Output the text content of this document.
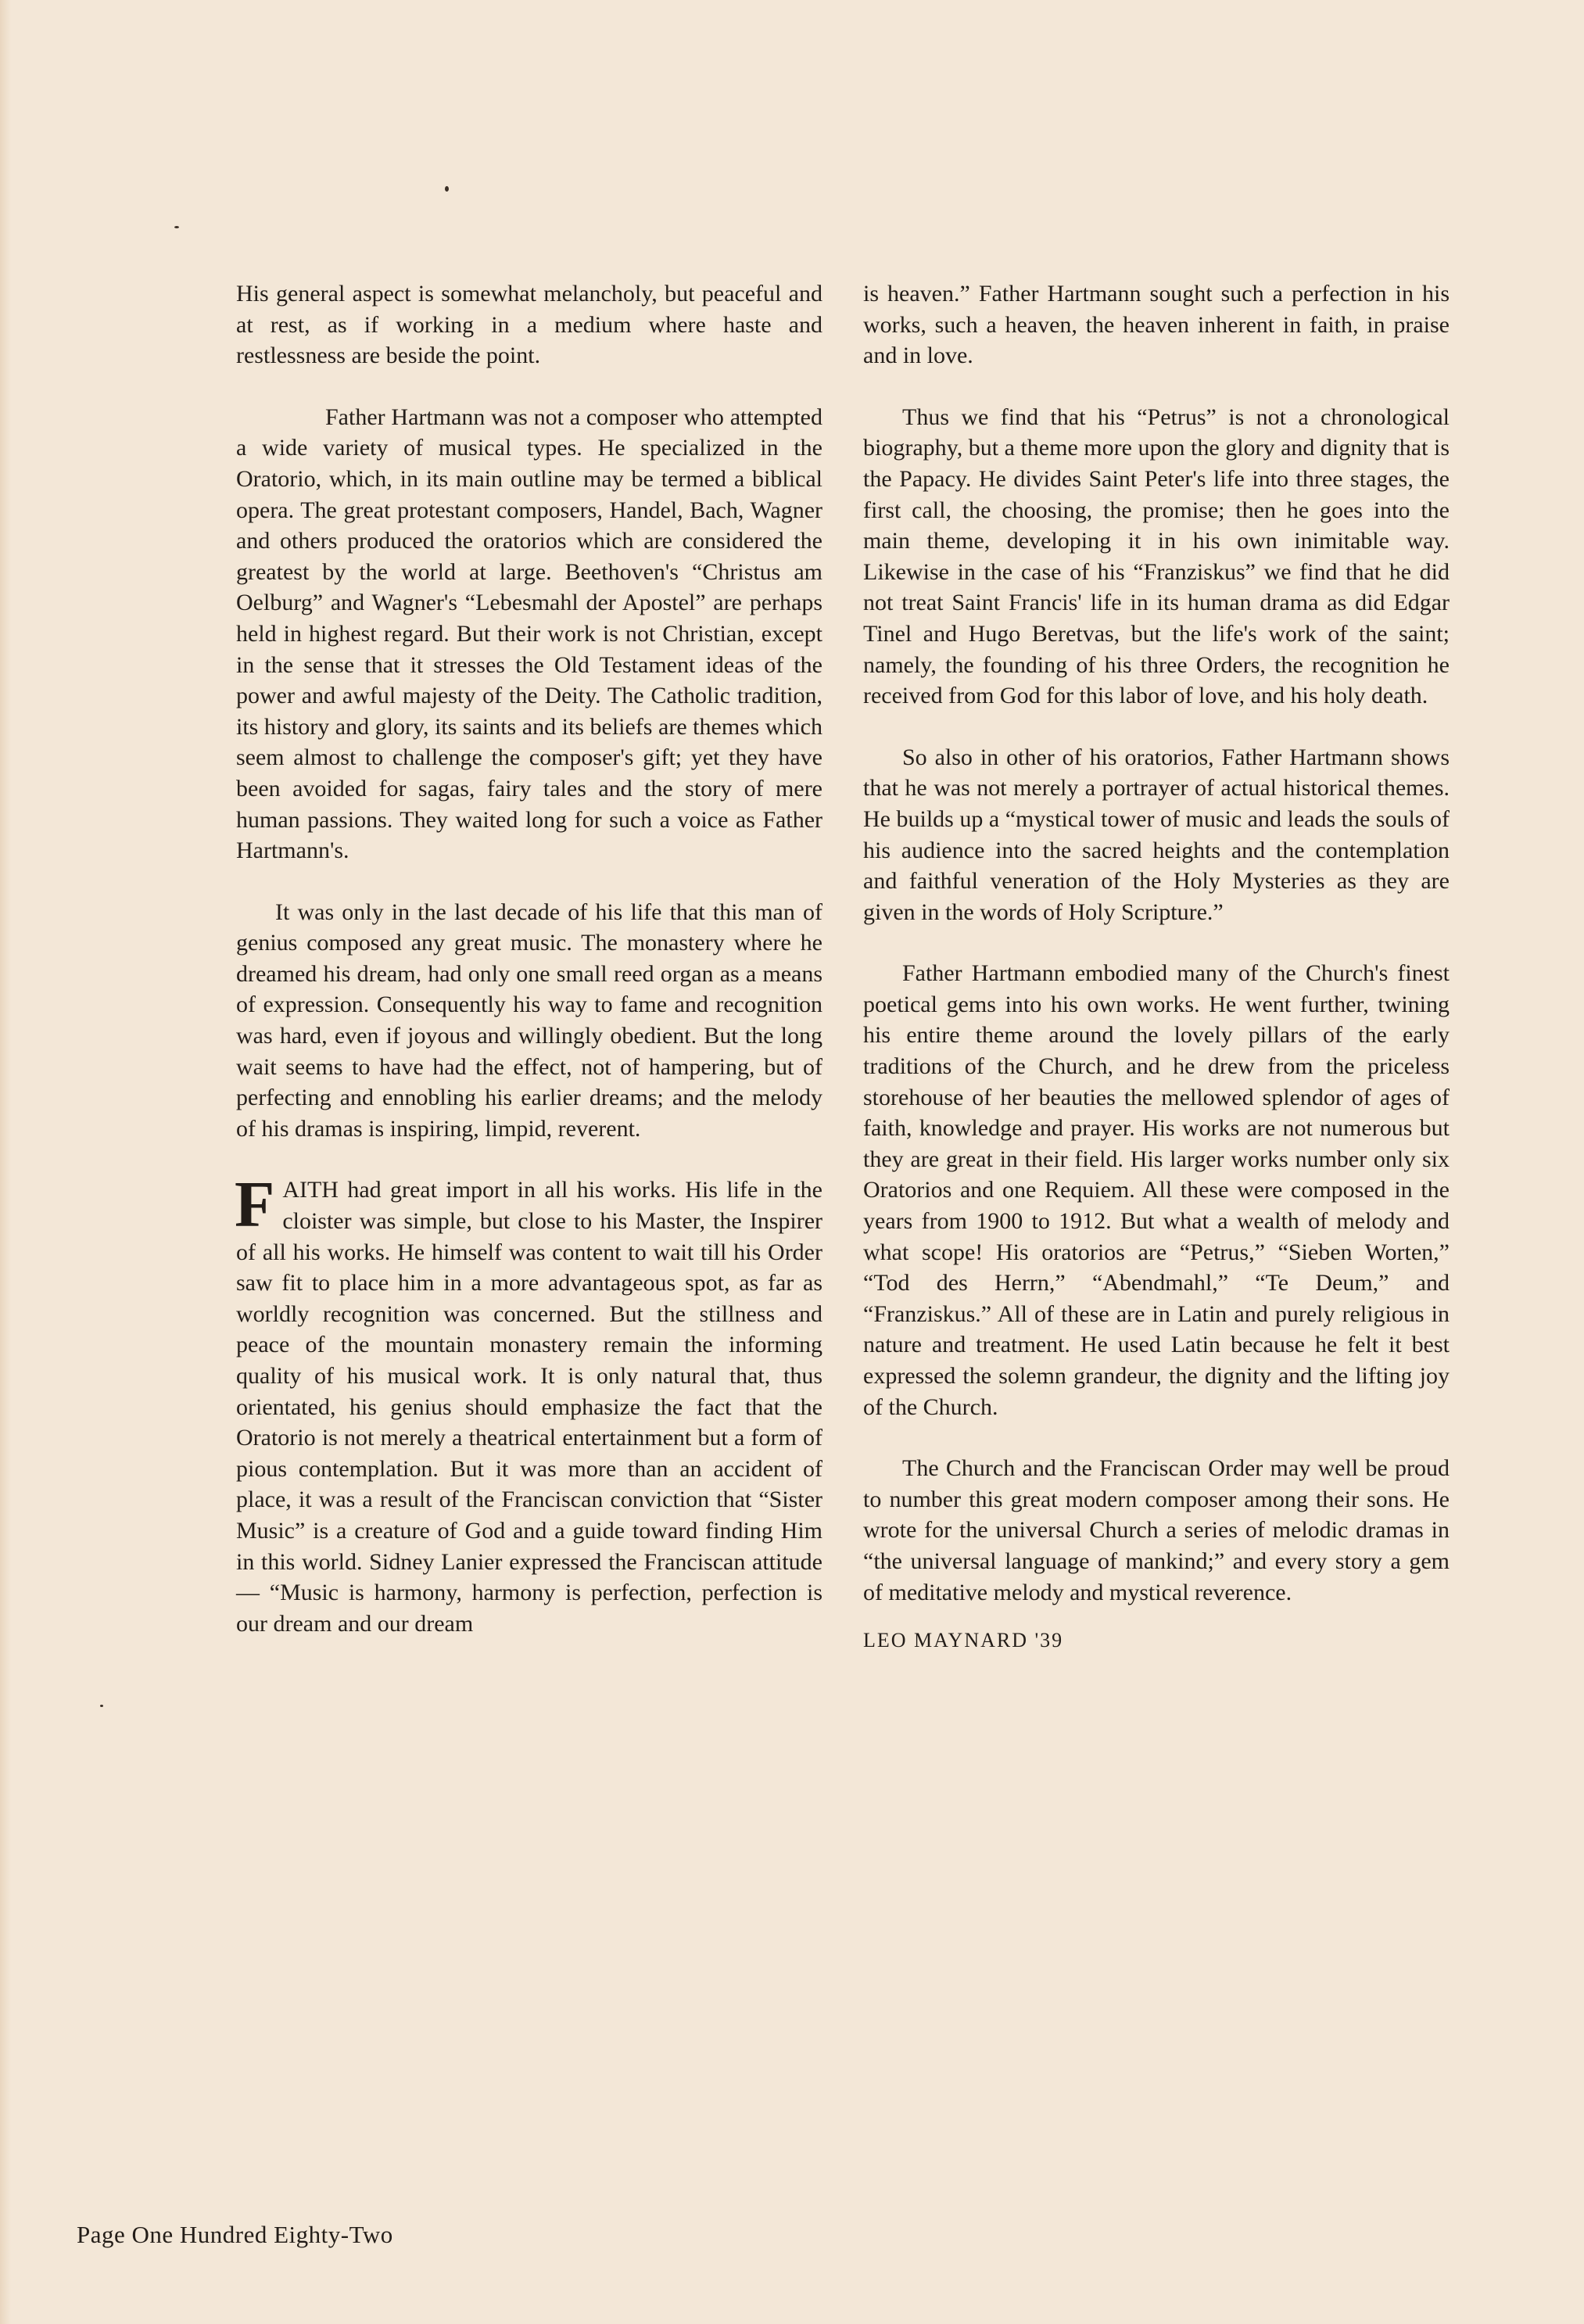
His general aspect is somewhat melancholy, but peaceful and at rest, as if working in a medium where haste and restlessness are beside the point.

Father Hartmann was not a composer who attempted a wide variety of musical types. He specialized in the Oratorio, which, in its main outline may be termed a biblical opera. The great protestant composers, Handel, Bach, Wagner and others produced the oratorios which are considered the greatest by the world at large. Beethoven's “Christus am Oelburg” and Wagner's “Lebesmahl der Apostel” are perhaps held in highest regard. But their work is not Christian, except in the sense that it stresses the Old Testament ideas of the power and awful majesty of the Deity. The Catholic tradition, its history and glory, its saints and its beliefs are themes which seem almost to challenge the composer's gift; yet they have been avoided for sagas, fairy tales and the story of mere human passions. They waited long for such a voice as Father Hartmann's.

It was only in the last decade of his life that this man of genius composed any great music. The monastery where he dreamed his dream, had only one small reed organ as a means of expression. Consequently his way to fame and recognition was hard, even if joyous and willingly obedient. But the long wait seems to have had the effect, not of hampering, but of perfecting and ennobling his earlier dreams; and the melody of his dramas is inspiring, limpid, reverent.

FAITH had great import in all his works. His life in the cloister was simple, but close to his Master, the Inspirer of all his works. He himself was content to wait till his Order saw fit to place him in a more advantageous spot, as far as worldly recognition was concerned. But the stillness and peace of the mountain monastery remain the informing quality of his musical work. It is only natural that, thus orientated, his genius should emphasize the fact that the Oratorio is not merely a theatrical entertainment but a form of pious contemplation. But it was more than an accident of place, it was a result of the Franciscan conviction that “Sister Music” is a creature of God and a guide toward finding Him in this world. Sidney Lanier expressed the Franciscan attitude — “Music is harmony, harmony is perfection, perfection is our dream and our dream

is heaven.” Father Hartmann sought such a perfection in his works, such a heaven, the heaven inherent in faith, in praise and in love.

Thus we find that his “Petrus” is not a chronological biography, but a theme more upon the glory and dignity that is the Papacy. He divides Saint Peter's life into three stages, the first call, the choosing, the promise; then he goes into the main theme, developing it in his own inimitable way. Likewise in the case of his “Franziskus” we find that he did not treat Saint Francis' life in its human drama as did Edgar Tinel and Hugo Beretvas, but the life's work of the saint; namely, the founding of his three Orders, the recognition he received from God for this labor of love, and his holy death.

So also in other of his oratorios, Father Hartmann shows that he was not merely a portrayer of actual historical themes. He builds up a “mystical tower of music and leads the souls of his audience into the sacred heights and the contemplation and faithful veneration of the Holy Mysteries as they are given in the words of Holy Scripture.”

Father Hartmann embodied many of the Church's finest poetical gems into his own works. He went further, twining his entire theme around the lovely pillars of the early traditions of the Church, and he drew from the priceless storehouse of her beauties the mellowed splendor of ages of faith, knowledge and prayer. His works are not numerous but they are great in their field. His larger works number only six Oratorios and one Requiem. All these were composed in the years from 1900 to 1912. But what a wealth of melody and what scope! His oratorios are “Petrus,” “Sieben Worten,” “Tod des Herrn,” “Abendmahl,” “Te Deum,” and “Franziskus.” All of these are in Latin and purely religious in nature and treatment. He used Latin because he felt it best expressed the solemn grandeur, the dignity and the lifting joy of the Church.

The Church and the Franciscan Order may well be proud to number this great modern composer among their sons. He wrote for the universal Church a series of melodic dramas in “the universal language of mankind;” and every story a gem of meditative melody and mystical reverence.

LEO MAYNARD '39
Page One Hundred Eighty-Two
